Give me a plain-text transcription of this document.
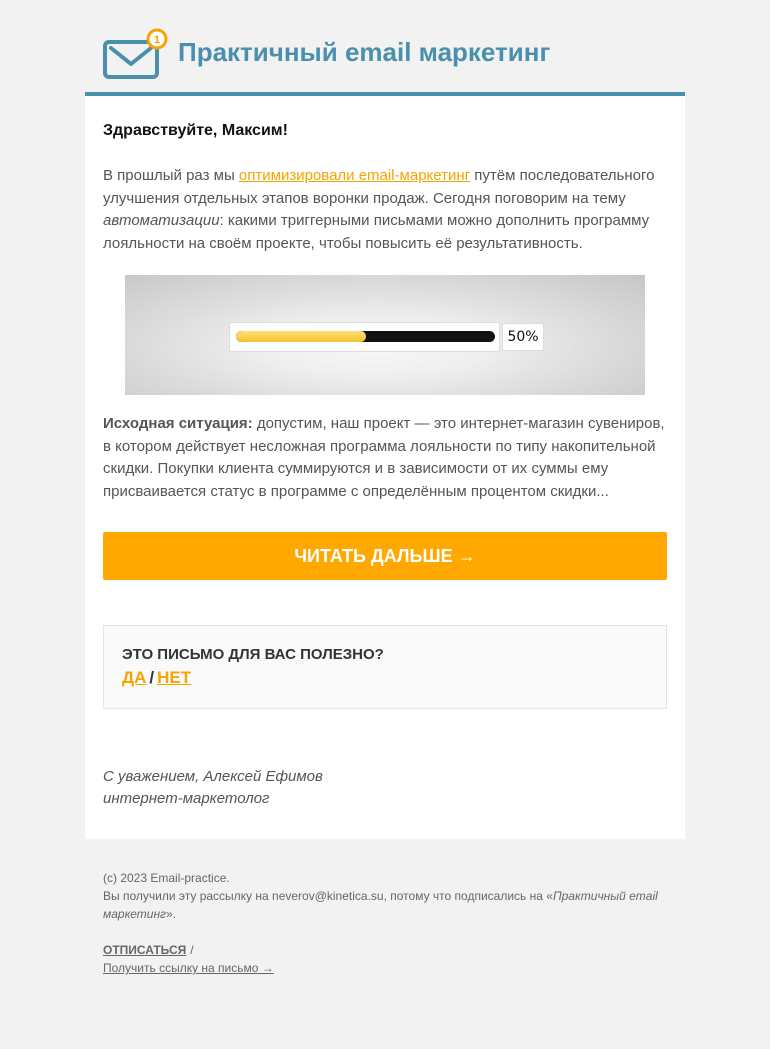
1 Практичный email маркетинг

Здравствуйте, Максим!

В прошлый раз мы оптимизировали email-маркетинг путём последовательного улучшения отдельных этапов воронки продаж. Сегодня поговорим на тему автоматизации: какими триггерными письмами можно дополнить программу лояльности на своём проекте, чтобы повысить её результативность.

50%

Исходная ситуация: допустим, наш проект — это интернет-магазин сувениров, в котором действует несложная программа лояльности по типу накопительной скидки. Покупки клиента суммируются и в зависимости от их суммы ему присваивается статус в программе с определённым процентом скидки...

ЧИТАТЬ ДАЛЬШЕ →
ЭТО ПИСЬМО ДЛЯ ВАС ПОЛЕЗНО?
ДА / НЕТ
С уважением, Алексей Ефимов
интернет-маркетолог

(с) 2023 Email-practice.

Вы получили эту рассылку на neverov@kinetica.su, потому что подписались на «Практичный email маркетинг».

ОТПИСАТЬСЯ /
Получить ссылку на письмо →
